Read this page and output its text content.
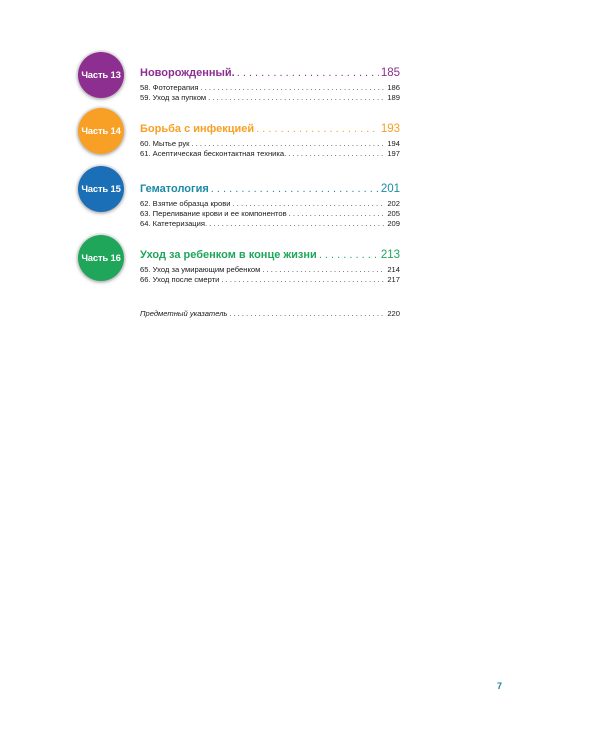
Часть 13 Новорожденный. . . .	185
58. Фототерапия . . .	186
59. Уход за пупком . . .	189
Часть 14 Борьба с инфекцией . . .	193
60. Мытье рук . . .	194
61. Асептическая бесконтактная техника. . . .	197
Часть 15 Гематология . . .	201
62. Взятие образца крови . . .	202
63. Переливание крови и ее компонентов . . .	205
64. Катетеризация. . . .	209
Часть 16 Уход за ребенком в конце жизни . . .	213
65. Уход за умирающим ребенком . . .	214
66. Уход после смерти . . .	217
Предметный указатель . . .	220
7
